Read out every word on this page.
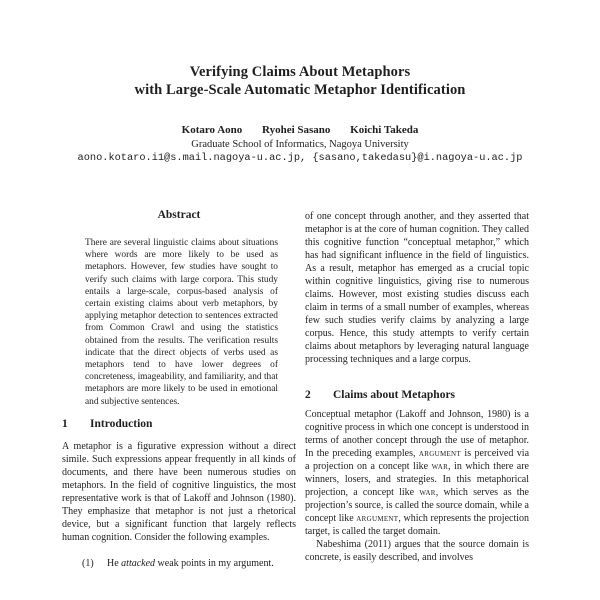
Verifying Claims About Metaphors
with Large-Scale Automatic Metaphor Identification
Kotaro Aono Ryohei Sasano Koichi Takeda
Graduate School of Informatics, Nagoya University
aono.kotaro.i1@s.mail.nagoya-u.ac.jp, {sasano,takedasu}@i.nagoya-u.ac.jp
Abstract

There are several linguistic claims about situations where words are more likely to be used as metaphors. However, few studies have sought to verify such claims with large corpora. This study entails a large-scale, corpus-based analysis of certain existing claims about verb metaphors, by applying metaphor detection to sentences extracted from Common Crawl and using the statistics obtained from the results. The verification results indicate that the direct objects of verbs used as metaphors tend to have lower degrees of concreteness, imageability, and familiarity, and that metaphors are more likely to be used in emotional and subjective sentences.

1 Introduction

A metaphor is a figurative expression without a direct simile. Such expressions appear frequently in all kinds of documents, and there have been numerous studies on metaphors. In the field of cognitive linguistics, the most representative work is that of Lakoff and Johnson (1980). They emphasize that metaphor is not just a rhetorical device, but a significant function that largely reflects human cognition. Consider the following examples.

(1) He attacked weak points in my argument.

of one concept through another, and they asserted that metaphor is at the core of human cognition. They called this cognitive function “conceptual metaphor,” which has had significant influence in the field of linguistics. As a result, metaphor has emerged as a crucial topic within cognitive linguistics, giving rise to numerous claims. However, most existing studies discuss each claim in terms of a small number of examples, whereas few such studies verify claims by analyzing a large corpus. Hence, this study attempts to verify certain claims about metaphors by leveraging natural language processing techniques and a large corpus.

2 Claims about Metaphors

Conceptual metaphor (Lakoff and Johnson, 1980) is a cognitive process in which one concept is understood in terms of another concept through the use of metaphor. In the preceding examples, argument is perceived via a projection on a concept like war, in which there are winners, losers, and strategies. In this metaphorical projection, a concept like war, which serves as the projection’s source, is called the source domain, while a concept like argument, which represents the projection target, is called the target domain.

Nabeshima (2011) argues that the source domain is concrete, is easily described, and involves
